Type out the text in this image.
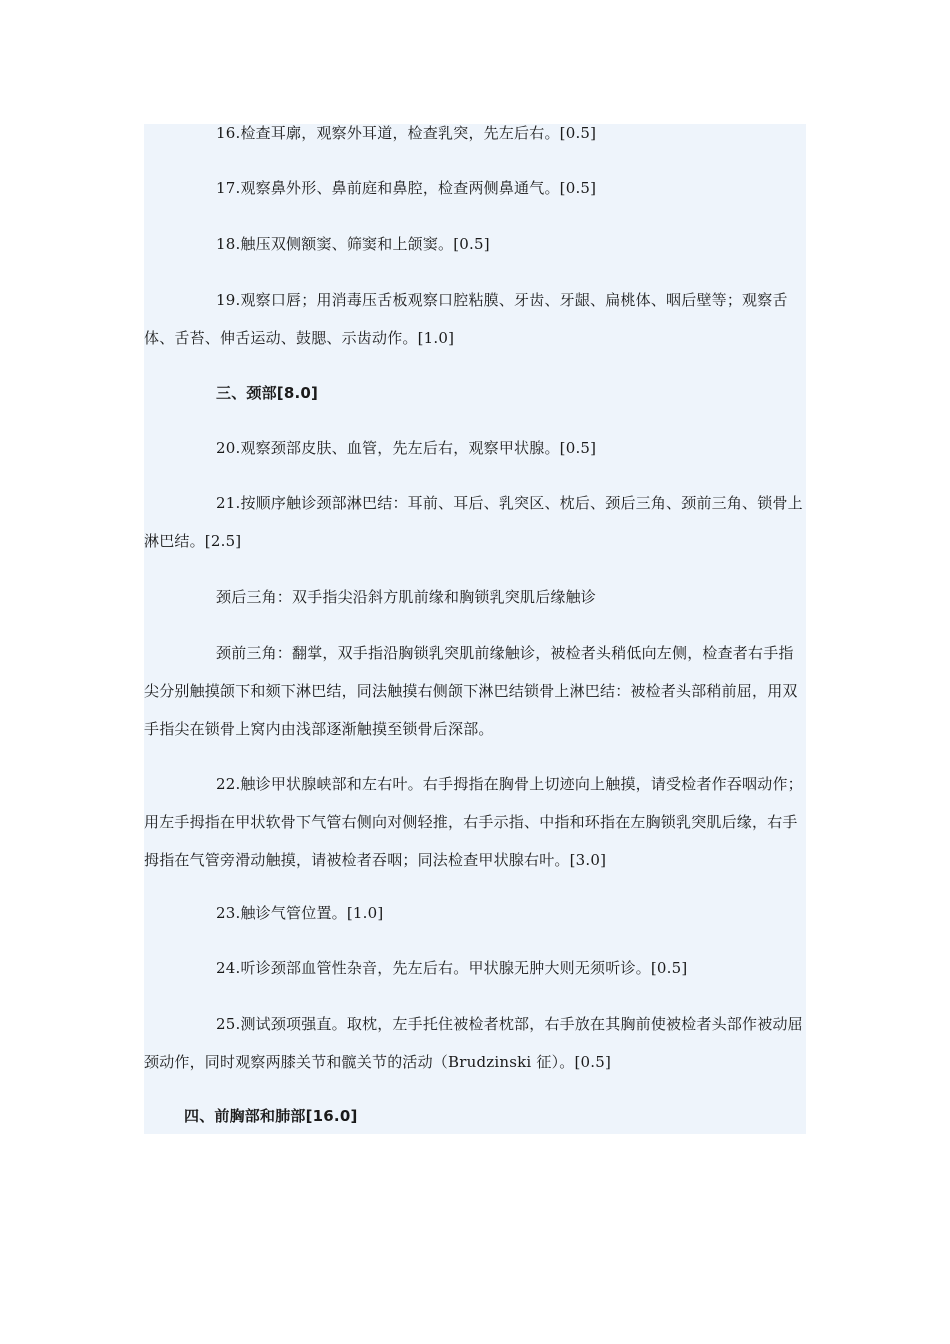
16.检查耳廓，观察外耳道，检查乳突，先左后右。[0.5]

17.观察鼻外形、鼻前庭和鼻腔，检查两侧鼻通气。[0.5]

18.触压双侧额窦、筛窦和上颌窦。[0.5]

19.观察口唇；用消毒压舌板观察口腔粘膜、牙齿、牙龈、扁桃体、咽后壁等；观察舌体、舌苔、伸舌运动、鼓腮、示齿动作。[1.0]

三、颈部[8.0]

20.观察颈部皮肤、血管，先左后右，观察甲状腺。[0.5]

21.按顺序触诊颈部淋巴结：耳前、耳后、乳突区、枕后、颈后三角、颈前三角、锁骨上淋巴结。[2.5]

颈后三角：双手指尖沿斜方肌前缘和胸锁乳突肌后缘触诊

颈前三角：翻掌，双手指沿胸锁乳突肌前缘触诊，被检者头稍低向左侧，检查者右手指尖分别触摸颌下和颏下淋巴结，同法触摸右侧颌下淋巴结锁骨上淋巴结：被检者头部稍前屈，用双手指尖在锁骨上窝内由浅部逐渐触摸至锁骨后深部。

22.触诊甲状腺峡部和左右叶。右手拇指在胸骨上切迹向上触摸，请受检者作吞咽动作；用左手拇指在甲状软骨下气管右侧向对侧轻推，右手示指、中指和环指在左胸锁乳突肌后缘，右手拇指在气管旁滑动触摸，请被检者吞咽；同法检查甲状腺右叶。[3.0]

23.触诊气管位置。[1.0]

24.听诊颈部血管性杂音，先左后右。甲状腺无肿大则无须听诊。[0.5]

25.测试颈项强直。取枕，左手托住被检者枕部，右手放在其胸前使被检者头部作被动屈颈动作，同时观察两膝关节和髋关节的活动（Brudzinski 征）。[0.5]

四、前胸部和肺部[16.0]
